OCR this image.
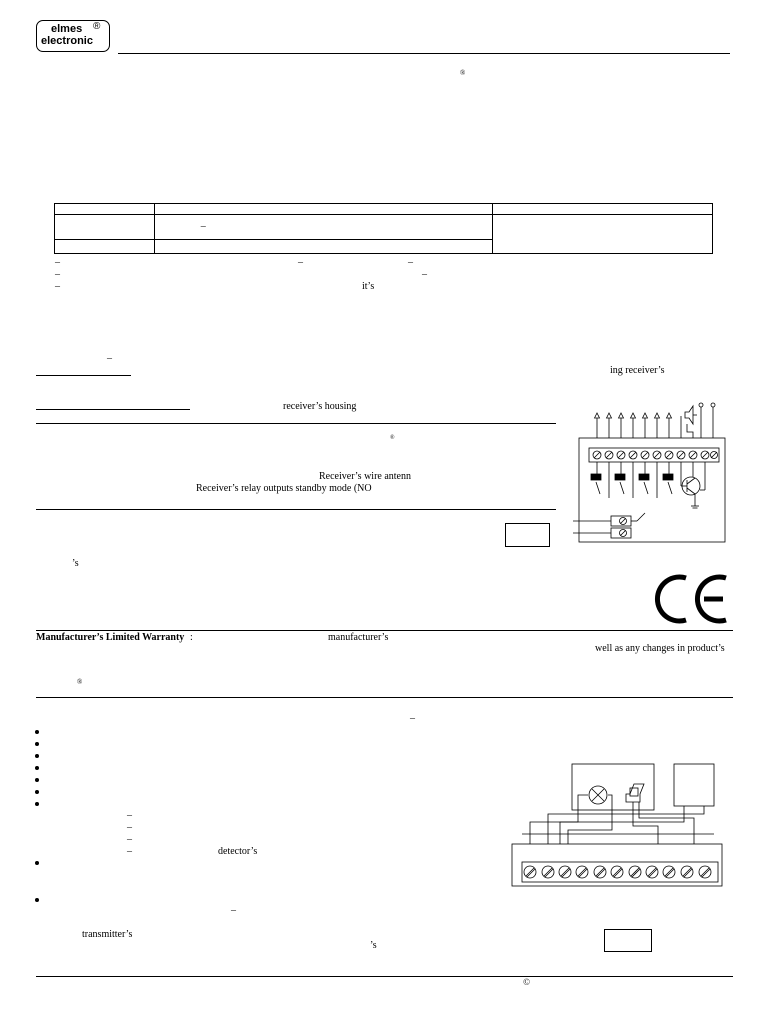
elmes ®
electronic
®

	–	

–	–	–
–	–
–	it’s
–
ing receiver’s
receiver’s housing
®
Receiver’s wire antenn
Receiver’s relay outputs standby mode (NO
’s
Manufacturer’s Limited Warranty :	manufacturer’s
well as any changes in product’s
®
–
–
–
–
–	detector’s
–
transmitter’s
’s
©
